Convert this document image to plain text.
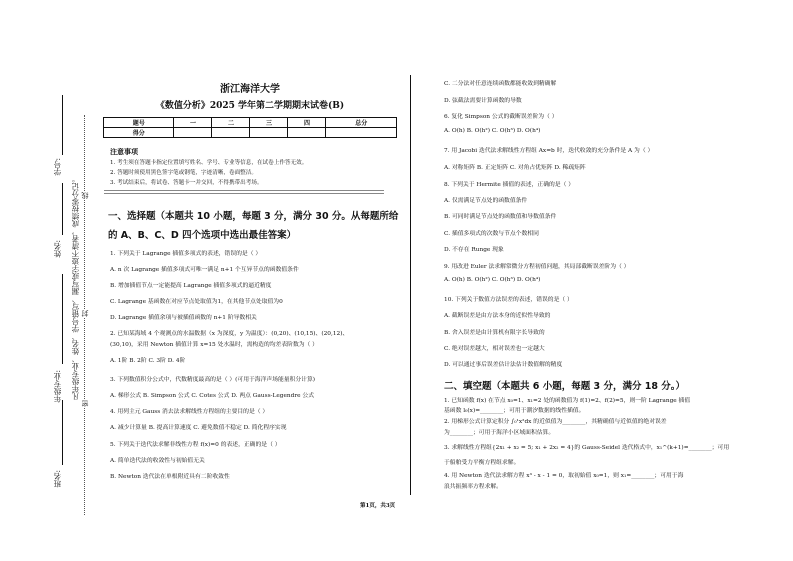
学号:
姓名:
年级专业:
班名:
凡年级专业、姓名、学号错写、漏写或字迹不清者，成绩按零分记。
密
封
线
浙江海洋大学
《数值分析》2025 学年第二学期期末试卷(B)
题号	一	二	三	四	总分
得分					
注意事项
1. 考生须在答题卡指定位置填写姓名、学号、专业等信息，在试卷上作答无效。
2. 答题时须使用黑色签字笔或钢笔，字迹清晰，卷面整洁。
3. 考试结束后，将试卷、答题卡一并交回，不得携带出考场。
一、选择题（本题共 10 小题，每题 3 分，满分 30 分。从每题所给
的 A、B、C、D 四个选项中选出最佳答案）
1. 下列关于 Lagrange 插值多项式的表述，错误的是（ ）
A. n 次 Lagrange 插值多项式可唯一满足 n+1 个互异节点的函数值条件
B. 增加插值节点一定能提高 Lagrange 插值多项式的逼近精度
C. Lagrange 基函数在对应节点处取值为1，在其他节点处取值为0
D. Lagrange 插值余项与被插值函数的 n+1 阶导数相关
2. 已知某海域 4 个观测点的水温数据（x 为深度，y 为温度）：(0,20)、(10,15)、(20,12)、
(30,10)，采用 Newton 插值计算 x=15 处水温时，需构造的均差表阶数为（ ）
A. 1阶 B. 2阶 C. 3阶 D. 4阶
3. 下列数值积分公式中，代数精度最高的是（ ）(可用于海洋声场能量积分计算)
A. 梯形公式 B. Simpson 公式 C. Cotes 公式 D. 两点 Gauss-Legendre 公式
4. 用列主元 Gauss 消去法求解线性方程组的主要目的是（ ）
A. 减少计算量 B. 提高计算速度 C. 避免数值不稳定 D. 简化程序实现
5. 下列关于迭代法求解非线性方程 f(x)=0 的表述，正确的是（ ）
A. 简单迭代法的收敛性与初始值无关
B. Newton 迭代法在单根附近具有二阶收敛性
C. 二分法对任意连续函数都能收敛到精确解
D. 弦截法需要计算函数的导数
6. 复化 Simpson 公式的截断误差阶为（ ）
A. O(h) B. O(h²) C. O(h³) D. O(h⁴)
7. 用 Jacobi 迭代法求解线性方程组 Ax=b 时，迭代收敛的充分条件是 A 为（ ）
A. 对称矩阵 B. 正定矩阵 C. 对角占优矩阵 D. 稀疏矩阵
8. 下列关于 Hermite 插值的表述，正确的是（ ）
A. 仅需满足节点处的函数值条件
B. 可同时满足节点处的函数值和导数值条件
C. 插值多项式的次数与节点个数相同
D. 不存在 Runge 现象
9. 用改进 Euler 法求解常微分方程初值问题，其局部截断误差阶为（ ）
A. O(h) B. O(h²) C. O(h³) D. O(h⁴)
10. 下列关于数值方法误差的表述，错误的是（ ）
A. 截断误差是由方法本身的近似性导致的
B. 舍入误差是由计算机有限字长导致的
C. 绝对误差越大，相对误差也一定越大
D. 可以通过事后误差估计法估计数值解的精度
二、填空题（本题共 6 小题，每题 3 分，满分 18 分。）
1. 已知函数 f(x) 在节点 x₀=1、x₁=2 处的函数值为 f(1)=2、f(2)=5，则一阶 Lagrange 插值
基函数 l₀(x)=________；可用于潮汐数据的线性插值。
2. 用梯形公式计算定积分 ∫₀¹x²dx 的近似值为________，其精确值与近似值的绝对误差
为________；可用于海洋小区域面积估算。
3. 求解线性方程组{2x₁ + x₂ = 5; x₁ + 2x₂ = 4}的 Gauss-Seidel 迭代格式中，x₁^(k+1)=________；可用
于船舶受力平衡方程组求解。
4. 用 Newton 迭代法求解方程 x³ - x - 1 = 0，取初始值 x₀=1，则 x₁=________；可用于海
浪共振频率方程求解。
第1页，共3页
